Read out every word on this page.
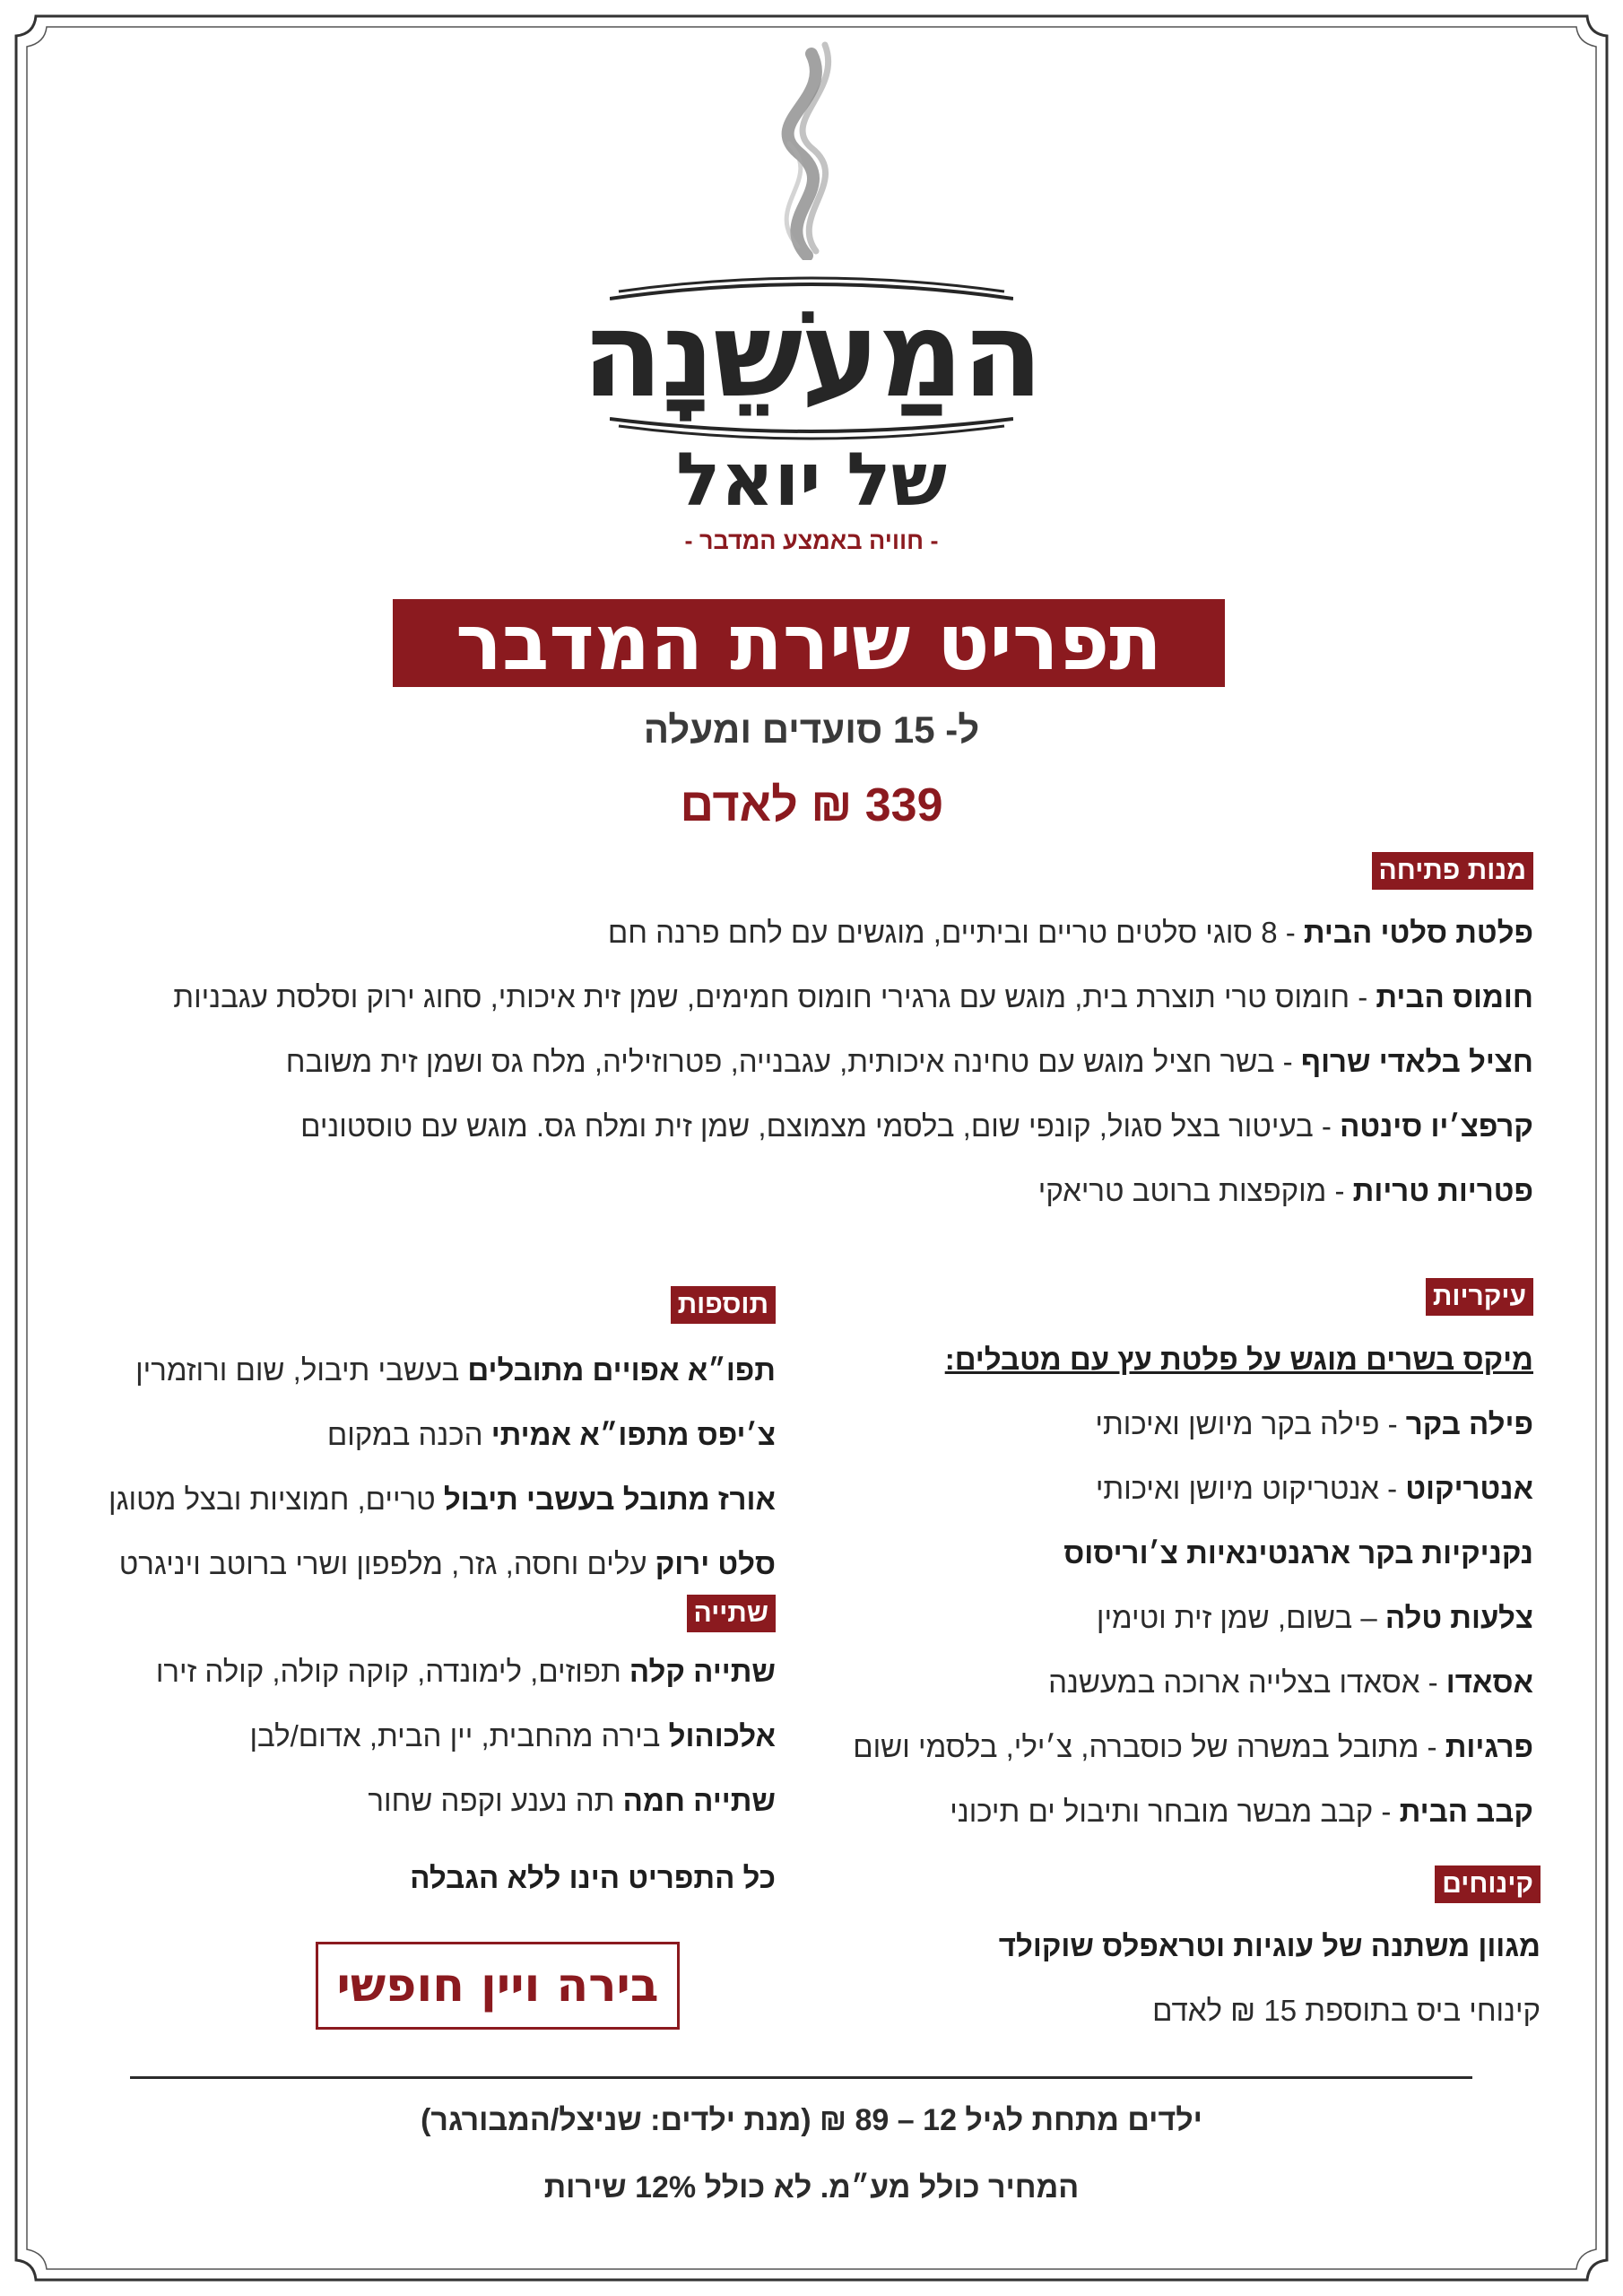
המַעשֵׁנָה
של יואל
- חוויה באמצע המדבר -
תפריט שירת המדבר
ל- 15 סועדים ומעלה
339 ₪ לאדם
מנות פתיחה
פלטת סלטי הבית - 8 סוגי סלטים טריים וביתיים, מוגשים עם לחם פרנה חם
חומוס הבית - חומוס טרי תוצרת בית, מוגש עם גרגירי חומוס חמימים, שמן זית איכותי, סחוג ירוק וסלסת עגבניות
חציל בלאדי שרוף - בשר חציל מוגש עם טחינה איכותית, עגבנייה, פטרוזיליה, מלח גס ושמן זית משובח
קרפצ׳יו סינטה - בעיטור בצל סגול, קונפי שום, בלסמי מצמוצם, שמן זית ומלח גס. מוגש עם טוסטונים
פטריות טריות - מוקפצות ברוטב טריאקי
עיקריות
מיקס בשרים מוגש על פלטת עץ עם מטבלים:
פילה בקר - פילה בקר מיושן ואיכותי
אנטריקוט - אנטריקוט מיושן ואיכותי
נקניקיות בקר ארגנטינאיות צ׳וריסוס
צלעות טלה – בשום, שמן זית וטימין
אסאדו - אסאדו בצלייה ארוכה במעשנה
פרגיות - מתובל במשרה של כוסברה, צ׳ילי, בלסמי ושום
קבב הבית - קבב מבשר מובחר ותיבול ים תיכוני
קינוחים
מגוון משתנה של עוגיות וטראפלס שוקולד
קינוחי ביס בתוספת 15 ₪ לאדם
תוספות
תפו״א אפויים מתובלים בעשבי תיבול, שום ורוזמרין
צ׳יפס מתפו״א אמיתי הכנה במקום
אורז מתובל בעשבי תיבול טריים, חמוציות ובצל מטוגן
סלט ירוק עלים וחסה, גזר, מלפפון ושרי ברוטב ויניגרט
שתייה
שתייה קלה תפוזים, לימונדה, קוקה קולה, קולה זירו
אלכוהול בירה מהחבית, יין הבית, אדום/לבן
שתייה חמה תה נענע וקפה שחור
כל התפריט הינו ללא הגבלה
בירה ויין חופשי
ילדים מתחת לגיל 12 – 89 ₪ (מנת ילדים: שניצל/המבורגר)
המחיר כולל מע״מ. לא כולל 12% שירות
